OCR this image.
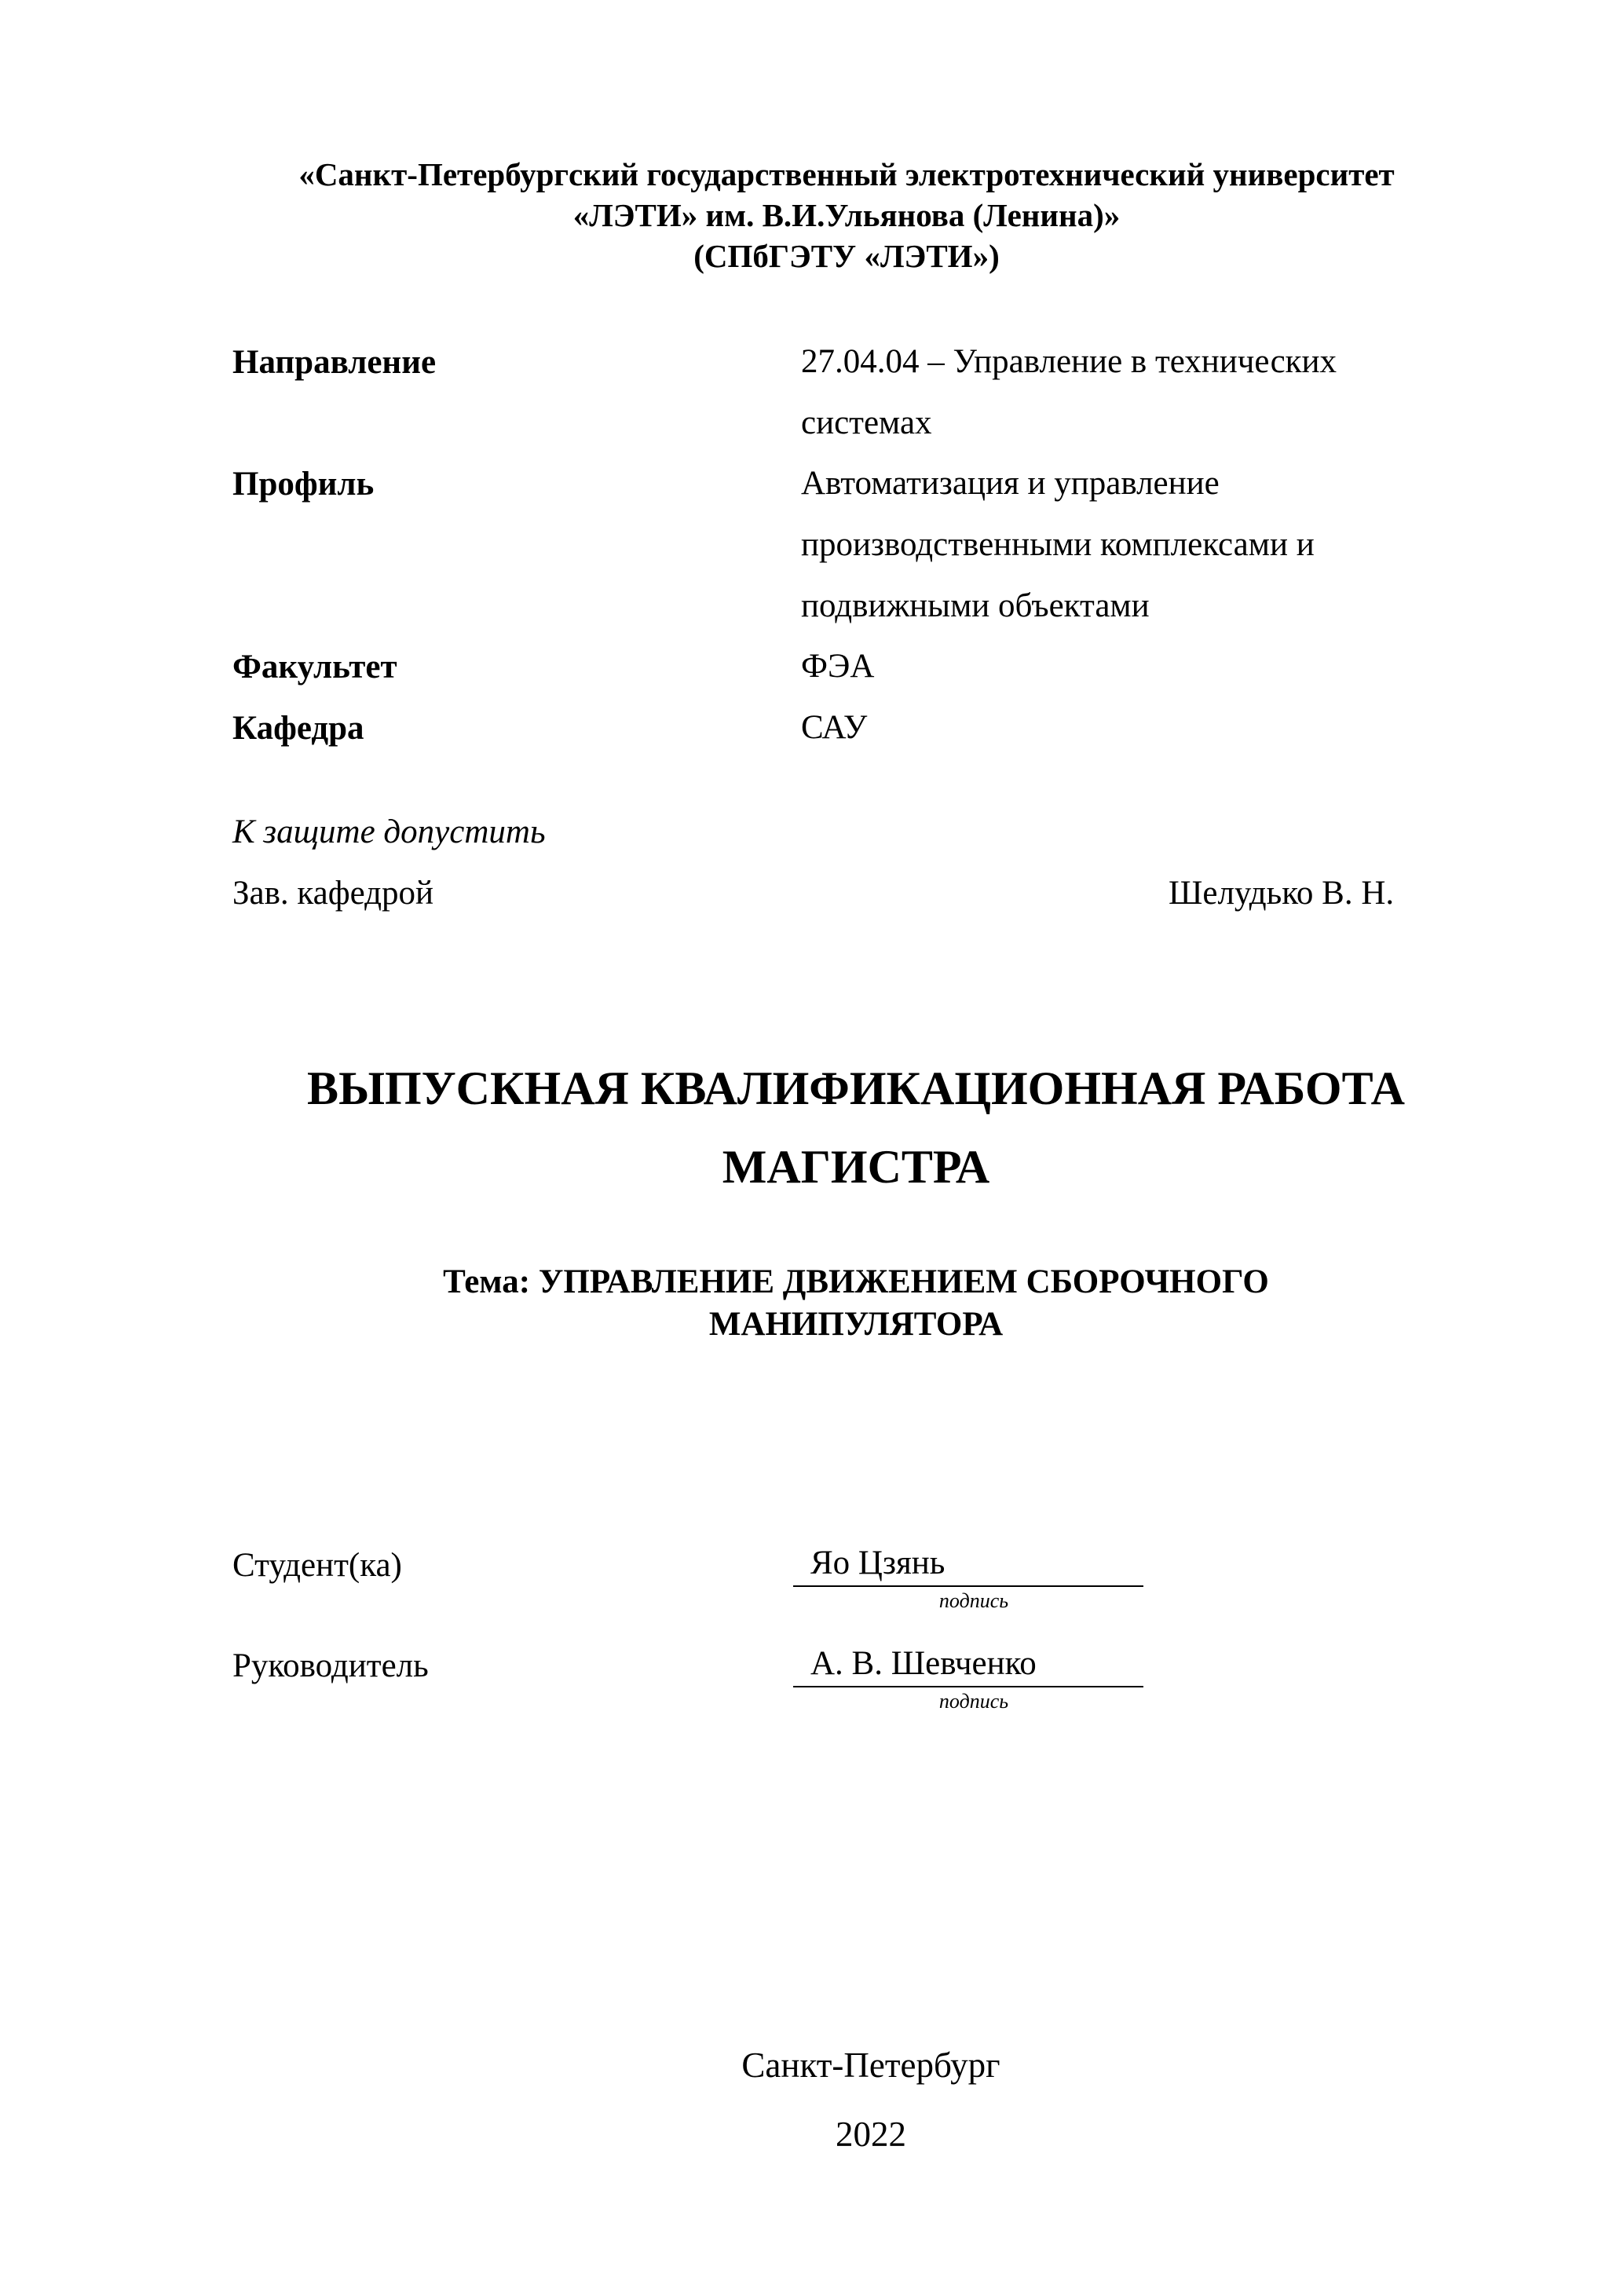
«Санкт-Петербургский государственный электротехнический университет

«ЛЭТИ» им. В.И.Ульянова (Ленина)»

(СПбГЭТУ «ЛЭТИ»)

Направление	27.04.04 – Управление в технических системах
Профиль	Автоматизация и управление производственными комплексами и подвижными объектами
Факультет	ФЭА
Кафедра	САУ
К защите допустить
Зав. кафедрой	Шелудько В. Н.

ВЫПУСКНАЯ КВАЛИФИКАЦИОННАЯ РАБОТА

МАГИСТРА

Тема: УПРАВЛЕНИЕ ДВИЖЕНИЕМ СБОРОЧНОГО

МАНИПУЛЯТОРА

Студент(ка)	Яо Цзянь
подпись
Руководитель	А. В. Шевченко
подпись

Санкт-Петербург

2022
